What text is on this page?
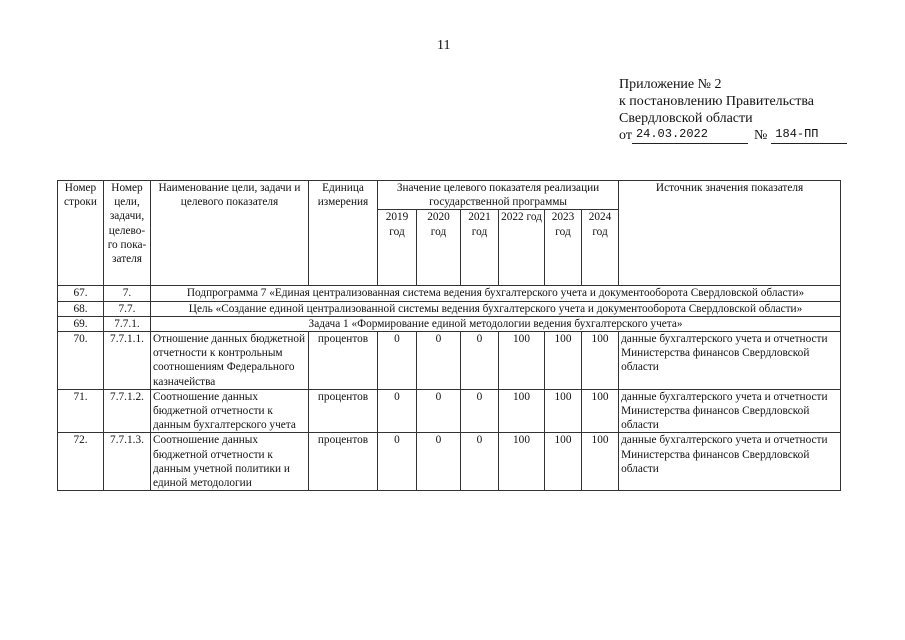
11
Приложение № 2
к постановлению Правительства
Свердловской области
от 24.03.2022	№ 184-ПП
Номер строки	Номер цели, задачи, целево-го пока-зателя	Наименование цели, задачи и целевого показателя	Единица измерения	Значение целевого показателя реализации государственной программы						Источник значения показателя
				2019 год	2020 год	2021 год	2022 год	2023 год	2024 год	
67.	7.	Подпрограмма 7 «Единая централизованная система ведения бухгалтерского учета и документооборота Свердловской области»								
68.	7.7.	Цель «Создание единой централизованной системы ведения бухгалтерского учета и документооборота Свердловской области»								
69.	7.7.1.	Задача 1 «Формирование единой методологии ведения бухгалтерского учета»								
70.	7.7.1.1.	Отношение данных бюджетной отчетности к контрольным соотношениям Федерального казначейства	процентов	0	0	0	100	100	100	данные бухгалтерского учета и отчетности Министерства финансов Свердловской области
71.	7.7.1.2.	Соотношение данных бюджетной отчетности к данным бухгалтерского учета	процентов	0	0	0	100	100	100	данные бухгалтерского учета и отчетности Министерства финансов Свердловской области
72.	7.7.1.3.	Соотношение данных бюджетной отчетности к данным учетной политики и единой методологии	процентов	0	0	0	100	100	100	данные бухгалтерского учета и отчетности Министерства финансов Свердловской области
